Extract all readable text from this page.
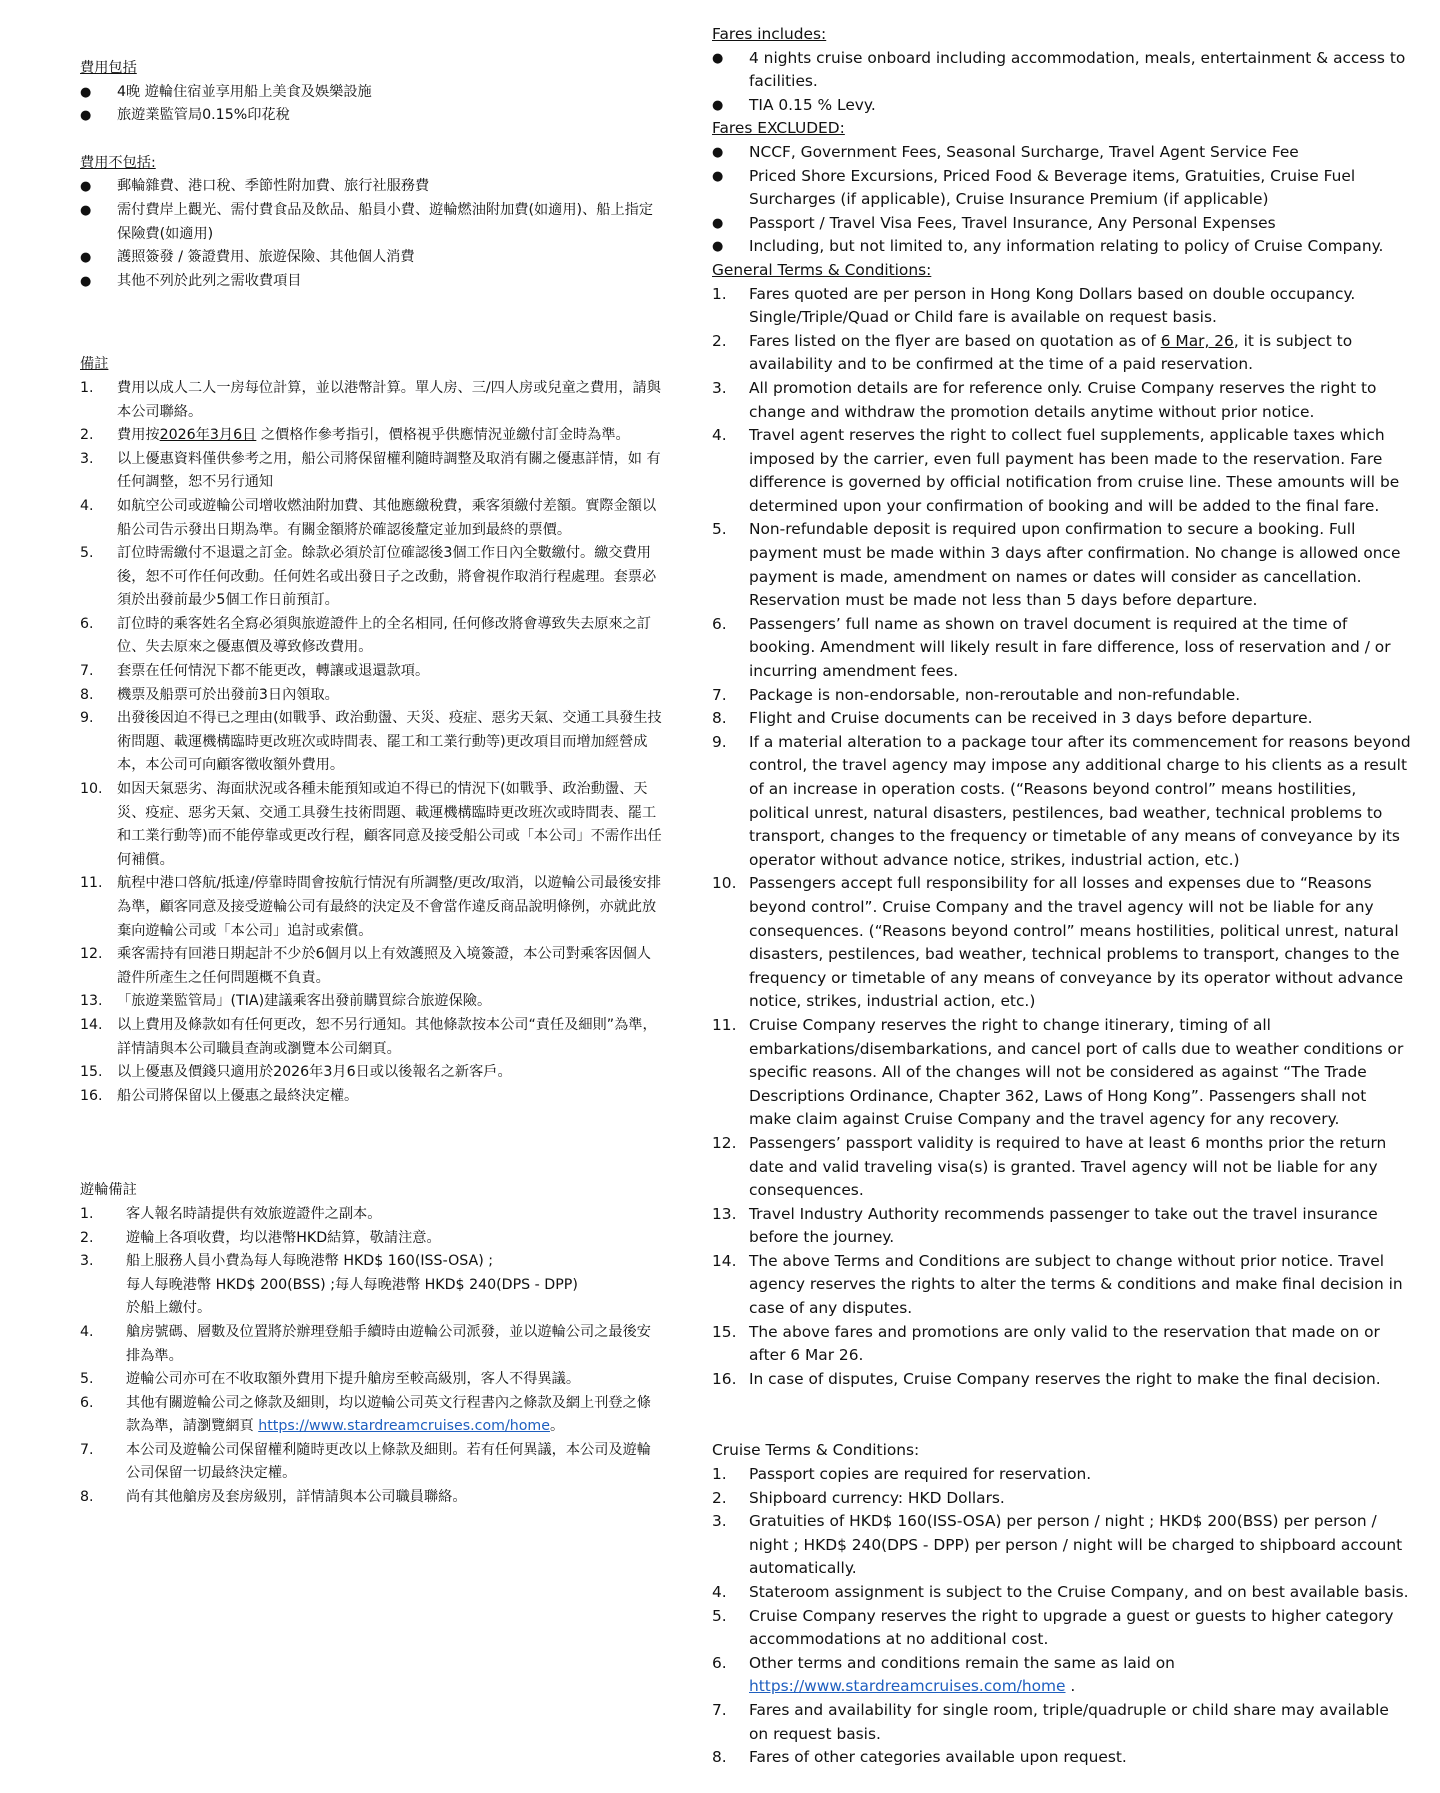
費用包括

● 4晚 遊輪住宿並享用船上美食及娛樂設施
● 旅遊業監管局0.15%印花稅

費用不包括:

● 郵輪雜費、港口稅、季節性附加費、旅行社服務費
● 需付費岸上觀光、需付費食品及飲品、船員小費、遊輪燃油附加費(如適用)、船上指定保險費(如適用)
● 護照簽發 / 簽證費用、旅遊保險、其他個人消費
● 其他不列於此列之需收費項目

備註

1. 費用以成人二人一房每位計算，並以港幣計算。單人房、三/四人房或兒童之費用，請與本公司聯絡。
2. 費用按2026年3月6日 之價格作參考指引，價格視乎供應情況並繳付訂金時為準。
3. 以上優惠資料僅供參考之用，船公司將保留權利隨時調整及取消有關之優惠詳情，如 有任何調整，恕不另行通知
4. 如航空公司或遊輪公司增收燃油附加費、其他應繳稅費，乘客須繳付差額。實際金額以船公司告示發出日期為準。有關金額將於確認後釐定並加到最終的票價。
5. 訂位時需繳付不退還之訂金。餘款必須於訂位確認後3個工作日內全數繳付。繳交費用後，恕不可作任何改動。任何姓名或出發日子之改動，將會視作取消行程處理。套票必須於出發前最少5個工作日前預訂。
6. 訂位時的乘客姓名全寫必須與旅遊證件上的全名相同, 任何修改將會導致失去原來之訂位、失去原來之優惠價及導致修改費用。
7. 套票在任何情況下都不能更改，轉讓或退還款項。
8. 機票及船票可於出發前3日內領取。
9. 出發後因迫不得已之理由(如戰爭、政治動盪、天災、疫症、惡劣天氣、交通工具發生技術問題、載運機構臨時更改班次或時間表、罷工和工業行動等)更改項目而增加經營成本，本公司可向顧客徵收額外費用。
10. 如因天氣惡劣、海面狀況或各種未能預知或迫不得已的情況下(如戰爭、政治動盪、天災、疫症、惡劣天氣、交通工具發生技術問題、載運機構臨時更改班次或時間表、罷工和工業行動等)而不能停靠或更改行程，顧客同意及接受船公司或「本公司」不需作出任何補償。
11. 航程中港口啓航/抵達/停靠時間會按航行情況有所調整/更改/取消，以遊輪公司最後安排為準，顧客同意及接受遊輪公司有最終的決定及不會當作違反商品說明條例，亦就此放棄向遊輪公司或「本公司」追討或索償。
12. 乘客需持有回港日期起計不少於6個月以上有效護照及入境簽證，本公司對乘客因個人證件所產生之任何問題概不負責。
13. 「旅遊業監管局」(TIA)建議乘客出發前購買綜合旅遊保險。
14. 以上費用及條款如有任何更改，恕不另行通知。其他條款按本公司“責任及細則”為準，詳情請與本公司職員查詢或瀏覽本公司網頁。
15. 以上優惠及價錢只適用於2026年3月6日或以後報名之新客戶。
16. 船公司將保留以上優惠之最終決定權。

遊輪備註

1. 客人報名時請提供有效旅遊證件之副本。
2. 遊輪上各項收費，均以港幣HKD結算，敬請注意。
3. 船上服務人員小費為每人每晚港幣 HKD$ 160(ISS-OSA) ;
每人每晚港幣 HKD$ 200(BSS) ;每人每晚港幣 HKD$ 240(DPS - DPP)
於船上繳付。
4. 艙房號碼、層數及位置將於辦理登船手續時由遊輪公司派發，並以遊輪公司之最後安排為準。
5. 遊輪公司亦可在不收取額外費用下提升艙房至較高級別，客人不得異議。
6. 其他有關遊輪公司之條款及細則，均以遊輪公司英文行程書內之條款及網上刊登之條款為準，請瀏覽網頁 https://www.stardreamcruises.com/home。
7. 本公司及遊輪公司保留權利隨時更改以上條款及細則。若有任何異議，本公司及遊輪公司保留一切最終決定權。
8. 尚有其他艙房及套房級別，詳情請與本公司職員聯絡。

Fares includes:

● 4 nights cruise onboard including accommodation, meals, entertainment & access to facilities.
● TIA 0.15 % Levy.

Fares EXCLUDED:

● NCCF, Government Fees, Seasonal Surcharge, Travel Agent Service Fee
● Priced Shore Excursions, Priced Food & Beverage items, Gratuities, Cruise Fuel Surcharges (if applicable), Cruise Insurance Premium (if applicable)
● Passport / Travel Visa Fees, Travel Insurance, Any Personal Expenses
● Including, but not limited to, any information relating to policy of Cruise Company.

General Terms & Conditions:

1. Fares quoted are per person in Hong Kong Dollars based on double occupancy. Single/Triple/Quad or Child fare is available on request basis.
2. Fares listed on the flyer are based on quotation as of 6 Mar, 26, it is subject to availability and to be confirmed at the time of a paid reservation.
3. All promotion details are for reference only. Cruise Company reserves the right to change and withdraw the promotion details anytime without prior notice.
4. Travel agent reserves the right to collect fuel supplements, applicable taxes which imposed by the carrier, even full payment has been made to the reservation. Fare difference is governed by official notification from cruise line. These amounts will be determined upon your confirmation of booking and will be added to the final fare.
5. Non-refundable deposit is required upon confirmation to secure a booking. Full payment must be made within 3 days after confirmation. No change is allowed once payment is made, amendment on names or dates will consider as cancellation. Reservation must be made not less than 5 days before departure.
6. Passengers’ full name as shown on travel document is required at the time of booking. Amendment will likely result in fare difference, loss of reservation and / or incurring amendment fees.
7. Package is non-endorsable, non-reroutable and non-refundable.
8. Flight and Cruise documents can be received in 3 days before departure.
9. If a material alteration to a package tour after its commencement for reasons beyond control, the travel agency may impose any additional charge to his clients as a result of an increase in operation costs. (“Reasons beyond control” means hostilities, political unrest, natural disasters, pestilences, bad weather, technical problems to transport, changes to the frequency or timetable of any means of conveyance by its operator without advance notice, strikes, industrial action, etc.)
10. Passengers accept full responsibility for all losses and expenses due to “Reasons beyond control”. Cruise Company and the travel agency will not be liable for any consequences. (“Reasons beyond control” means hostilities, political unrest, natural disasters, pestilences, bad weather, technical problems to transport, changes to the frequency or timetable of any means of conveyance by its operator without advance notice, strikes, industrial action, etc.)
11. Cruise Company reserves the right to change itinerary, timing of all embarkations/disembarkations, and cancel port of calls due to weather conditions or specific reasons. All of the changes will not be considered as against “The Trade Descriptions Ordinance, Chapter 362, Laws of Hong Kong”. Passengers shall not make claim against Cruise Company and the travel agency for any recovery.
12. Passengers’ passport validity is required to have at least 6 months prior the return date and valid traveling visa(s) is granted. Travel agency will not be liable for any consequences.
13. Travel Industry Authority recommends passenger to take out the travel insurance before the journey.
14. The above Terms and Conditions are subject to change without prior notice. Travel agency reserves the rights to alter the terms & conditions and make final decision in case of any disputes.
15. The above fares and promotions are only valid to the reservation that made on or after 6 Mar 26.
16. In case of disputes, Cruise Company reserves the right to make the final decision.

Cruise Terms & Conditions:

1. Passport copies are required for reservation.
2. Shipboard currency: HKD Dollars.
3. Gratuities of HKD$ 160(ISS-OSA) per person / night ; HKD$ 200(BSS) per person / night ; HKD$ 240(DPS - DPP) per person / night will be charged to shipboard account automatically.
4. Stateroom assignment is subject to the Cruise Company, and on best available basis.
5. Cruise Company reserves the right to upgrade a guest or guests to higher category accommodations at no additional cost.
6. Other terms and conditions remain the same as laid on https://www.stardreamcruises.com/home .
7. Fares and availability for single room, triple/quadruple or child share may available on request basis.
8. Fares of other categories available upon request.
